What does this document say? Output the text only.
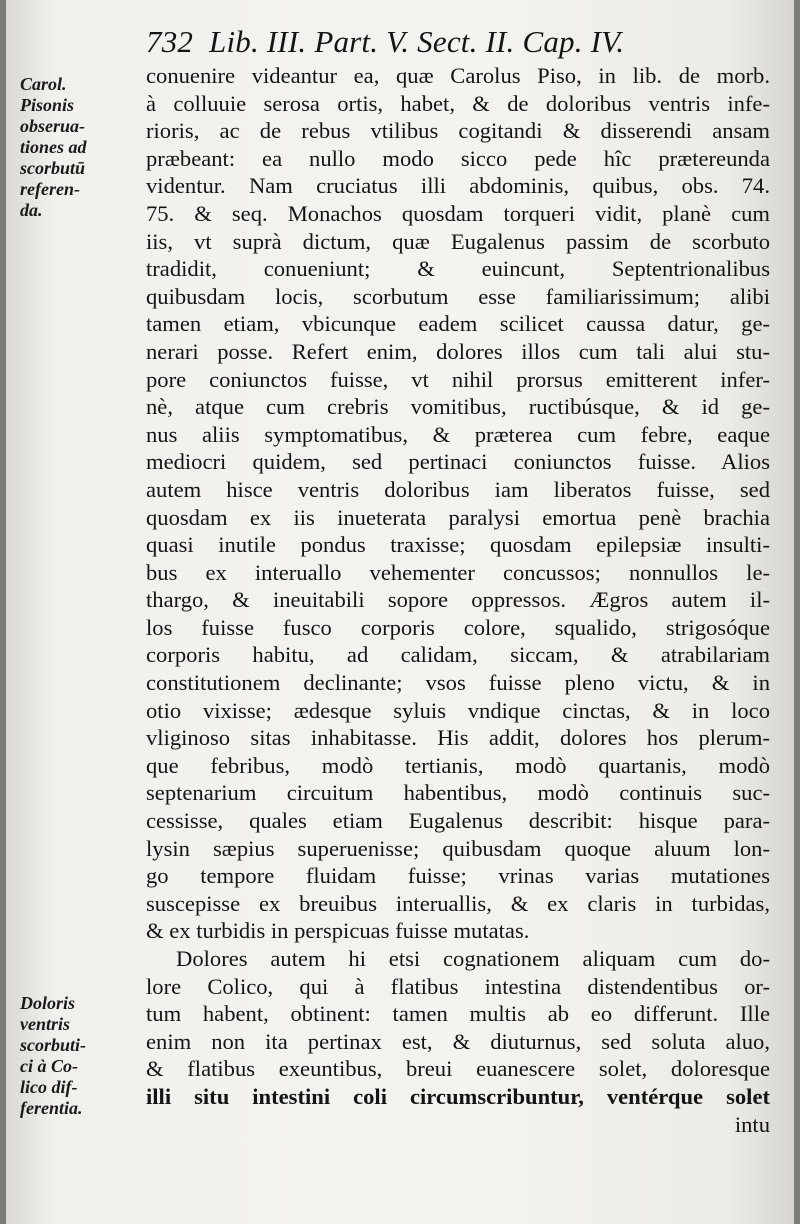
732  Lib. III. Part. V. Sect. II. Cap. IV.
Carol.
Pisonis
obserua-
tiones ad
scorbutū
referen-
da.
Doloris
ventris
scorbuti-
ci à Co-
lico dif-
ferentia.
conuenire videantur ea, quæ Carolus Piso, in lib. de morb.
à colluuie serosa ortis, habet, & de doloribus ventris infe-
rioris, ac de rebus vtilibus cogitandi & disserendi ansam
præbeant: ea nullo modo sicco pede hîc prætereunda
videntur. Nam cruciatus illi abdominis, quibus, obs. 74.
75. & seq. Monachos quosdam torqueri vidit, planè cum
iis, vt suprà dictum, quæ Eugalenus passim de scorbuto
tradidit, conueniunt; & euincunt, Septentrionalibus
quibusdam locis, scorbutum esse familiarissimum; alibi
tamen etiam, vbicunque eadem scilicet caussa datur, ge-
nerari posse. Refert enim, dolores illos cum tali alui stu-
pore coniunctos fuisse, vt nihil prorsus emitterent infer-
nè, atque cum crebris vomitibus, ructibúsque, & id ge-
nus aliis symptomatibus, & præterea cum febre, eaque
mediocri quidem, sed pertinaci coniunctos fuisse. Alios
autem hisce ventris doloribus iam liberatos fuisse, sed
quosdam ex iis inueterata paralysi emortua penè brachia
quasi inutile pondus traxisse; quosdam epilepsiæ insulti-
bus ex interuallo vehementer concussos; nonnullos le-
thargo, & ineuitabili sopore oppressos. Ægros autem il-
los fuisse fusco corporis colore, squalido, strigosóque
corporis habitu, ad calidam, siccam, & atrabilariam
constitutionem declinante; vsos fuisse pleno victu, & in
otio vixisse; ædesque syluis vndique cinctas, & in loco
vliginoso sitas inhabitasse. His addit, dolores hos plerum-
que febribus, modò tertianis, modò quartanis, modò
septenarium circuitum habentibus, modò continuis suc-
cessisse, quales etiam Eugalenus describit: hisque para-
lysin sæpius superuenisse; quibusdam quoque aluum lon-
go tempore fluidam fuisse; vrinas varias mutationes
suscepisse ex breuibus interuallis, & ex claris in turbidas,
& ex turbidis in perspicuas fuisse mutatas.
Dolores autem hi etsi cognationem aliquam cum do-
lore Colico, qui à flatibus intestina distendentibus or-
tum habent, obtinent: tamen multis ab eo differunt. Ille
enim non ita pertinax est, & diuturnus, sed soluta aluo,
& flatibus exeuntibus, breui euanescere solet, doloresque
illi situ intestini coli circumscribuntur, ventérque solet
intu
